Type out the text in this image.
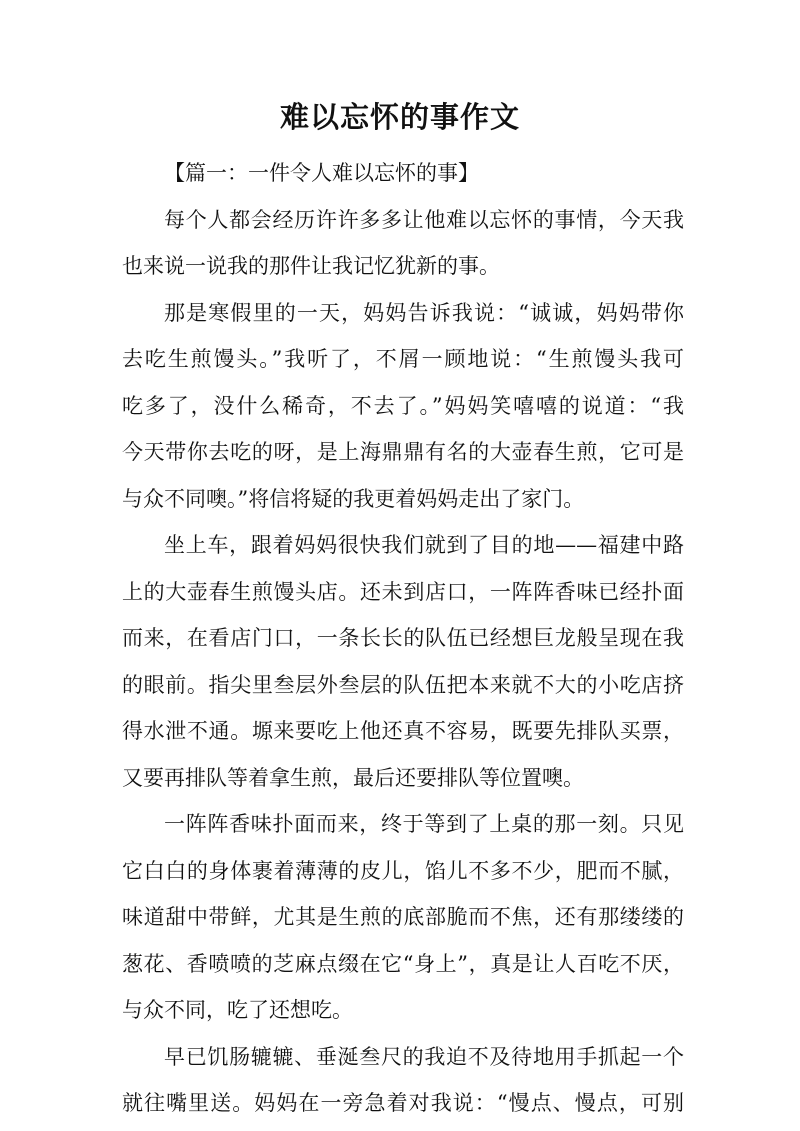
难以忘怀的事作文
【篇一：一件令人难以忘怀的事】
每个人都会经历许许多多让他难以忘怀的事情，今天我
也来说一说我的那件让我记忆犹新的事。
那是寒假里的一天，妈妈告诉我说：“诚诚，妈妈带你
去吃生煎馒头。”我听了，不屑一顾地说：“生煎馒头我可
吃多了，没什么稀奇，不去了。”妈妈笑嘻嘻的说道：“我
今天带你去吃的呀，是上海鼎鼎有名的大壶春生煎，它可是
与众不同噢。”将信将疑的我更着妈妈走出了家门。
坐上车，跟着妈妈很快我们就到了目的地——福建中路
上的大壶春生煎馒头店。还未到店口，一阵阵香味已经扑面
而来，在看店门口，一条长长的队伍已经想巨龙般呈现在我
的眼前。指尖里叁层外叁层的队伍把本来就不大的小吃店挤
得水泄不通。塬来要吃上他还真不容易，既要先排队买票，
又要再排队等着拿生煎，最后还要排队等位置噢。
一阵阵香味扑面而来，终于等到了上桌的那一刻。只见
它白白的身体裹着薄薄的皮儿，馅儿不多不少，肥而不腻，
味道甜中带鲜，尤其是生煎的底部脆而不焦，还有那缕缕的
葱花、香喷喷的芝麻点缀在它“身上”，真是让人百吃不厌，
与众不同，吃了还想吃。
早已饥肠辘辘、垂涎叁尺的我迫不及待地用手抓起一个
就往嘴里送。妈妈在一旁急着对我说：“慢点、慢点，可别
